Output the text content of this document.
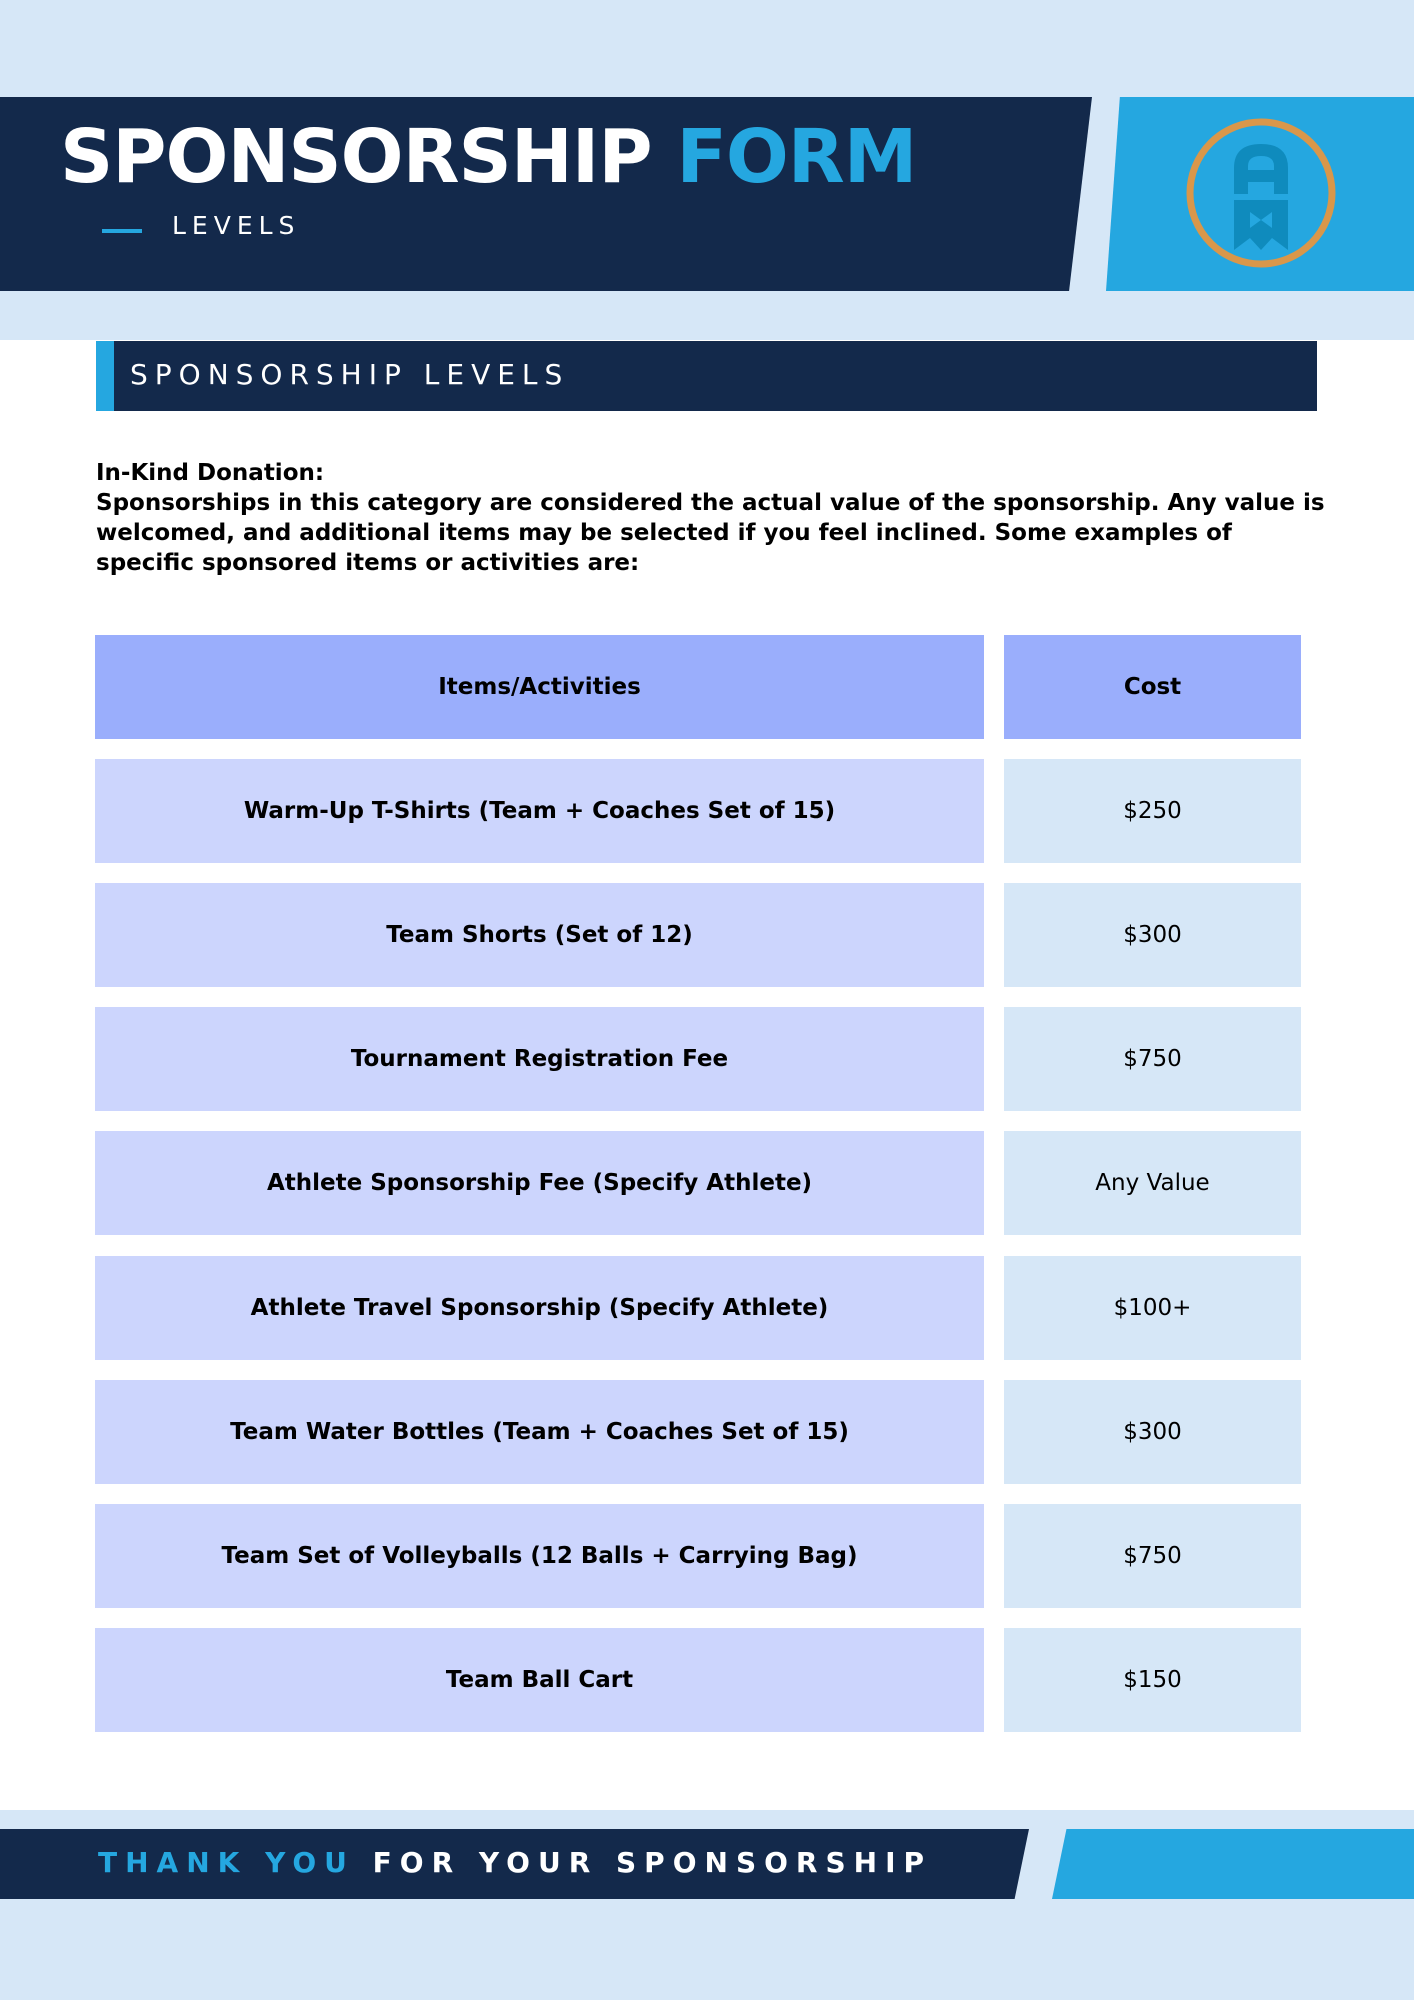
SPONSORSHIP FORM
LEVELS
SPONSORSHIP LEVELS

In-Kind Donation:

Sponsorships in this category are considered the actual value of the sponsorship. Any value is welcomed, and additional items may be selected if you feel inclined. Some examples of specific sponsored items or activities are:

Items/Activities	Cost
Warm-Up T-Shirts (Team + Coaches Set of 15)	$250
Team Shorts (Set of 12)	$300
Tournament Registration Fee	$750
Athlete Sponsorship Fee (Specify Athlete)	Any Value
Athlete Travel Sponsorship (Specify Athlete)	$100+
Team Water Bottles (Team + Coaches Set of 15)	$300
Team Set of Volleyballs (12 Balls + Carrying Bag)	$750
Team Ball Cart	$150
THANK YOU FOR YOUR SPONSORSHIP
